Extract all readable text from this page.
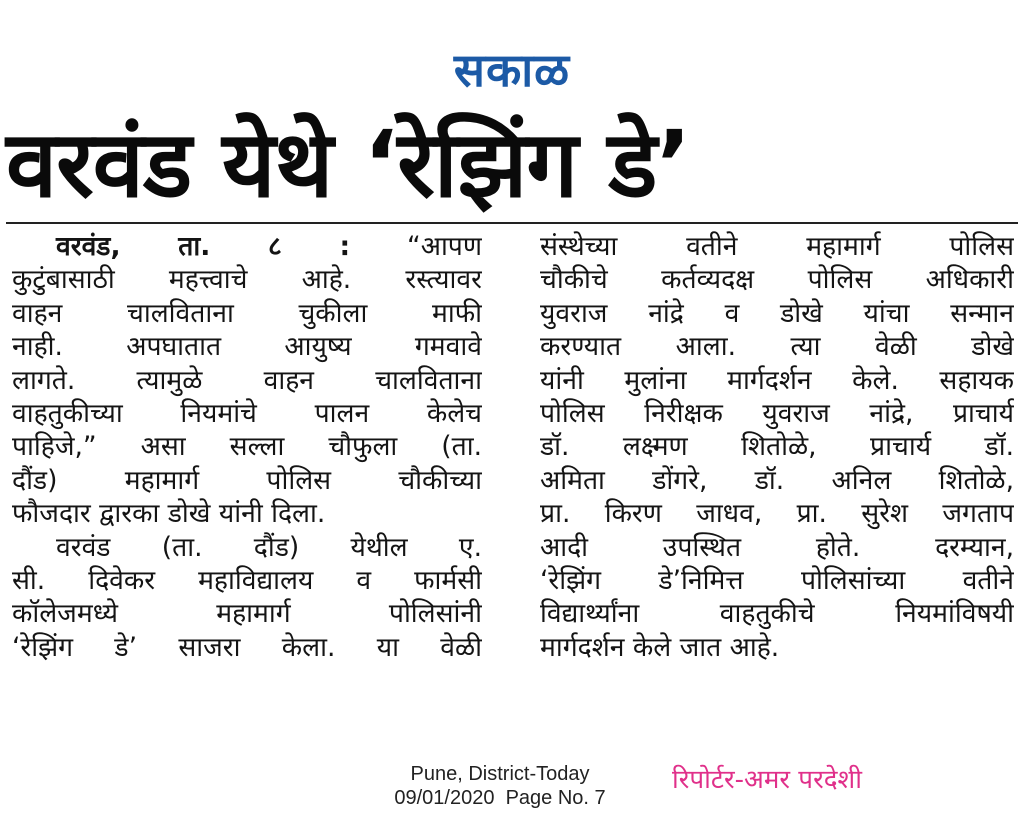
सकाळ
वरवंड येथे ‘रेझिंग डे’
वरवंड, ता. ८ : “आपण
कुटुंबासाठी महत्त्वाचे आहे. रस्त्यावर
वाहन चालविताना चुकीला माफी
नाही. अपघातात आयुष्य गमवावे
लागते. त्यामुळे वाहन चालविताना
वाहतुकीच्या नियमांचे पालन केलेच
पाहिजे,” असा सल्ला चौफुला (ता.
दौंड) महामार्ग पोलिस चौकीच्या
फौजदार द्वारका डोखे यांनी दिला.
वरवंड (ता. दौंड) येथील ए.
सी. दिवेकर महाविद्यालय व फार्मसी
कॉलेजमध्ये महामार्ग पोलिसांनी
‘रेझिंग डे’ साजरा केला. या वेळी
संस्थेच्या वतीने महामार्ग पोलिस
चौकीचे कर्तव्यदक्ष पोलिस अधिकारी
युवराज नांद्रे व डोखे यांचा सन्मान
करण्यात आला. त्या वेळी डोखे
यांनी मुलांना मार्गदर्शन केले. सहायक
पोलिस निरीक्षक युवराज नांद्रे, प्राचार्य
डॉ. लक्ष्मण शितोळे, प्राचार्य डॉ.
अमिता डोंगरे, डॉ. अनिल शितोळे,
प्रा. किरण जाधव, प्रा. सुरेश जगताप
आदी उपस्थित होते. दरम्यान,
‘रेझिंग डे’निमित्त पोलिसांच्या वतीने
विद्यार्थ्यांना वाहतुकीचे नियमांविषयी
मार्गदर्शन केले जात आहे.
Pune, District-Today
09/01/2020  Page No. 7
रिपोर्टर-अमर परदेशी
